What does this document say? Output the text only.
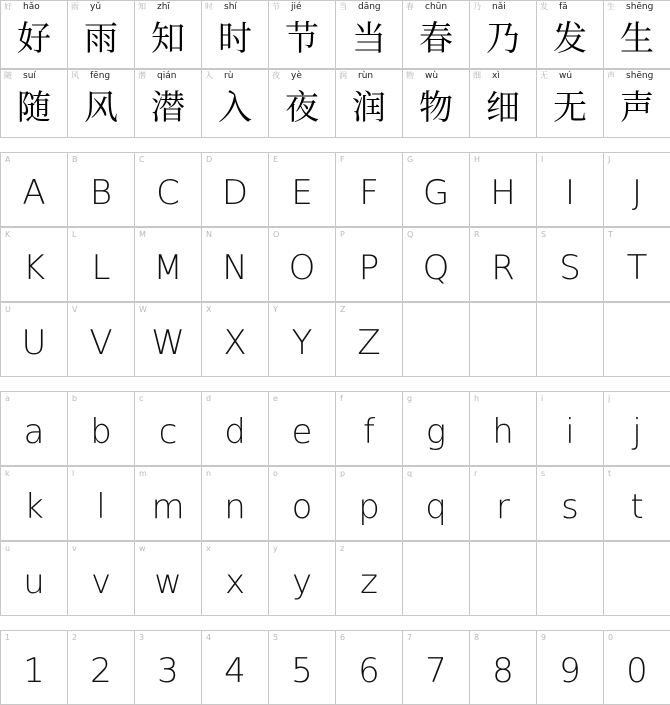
好 hǎo
好
雨 yǔ
雨
知 zhī
知
时 shí
时
节 jié
节
当 dāng
当
春 chūn
春
乃 nǎi
乃
发 fā
发
生 shēng
生
随 suí
随
风 fēng
风
潜 qián
潜
入 rù
入
夜 yè
夜
润 rùn
润
物 wù
物
细 xì
细
无 wú
无
声 shēng
声
A
A
B
B
C
C
D
D
E
E
F
F
G
G
H
H
I
I
J
J
K
K
L
L
M
M
N
N
O
O
P
P
Q
Q
R
R
S
S
T
T
U
U
V
V
W
W
X
X
Y
Y
Z
Z
a
a
b
b
c
c
d
d
e
e
f
f
g
g
h
h
i
i
j
j
k
k
l
l
m
m
n
n
o
o
p
p
q
q
r
r
s
s
t
t
u
u
v
v
w
w
x
x
y
y
z
z
1
1
2
2
3
3
4
4
5
5
6
6
7
7
8
8
9
9
0
0
